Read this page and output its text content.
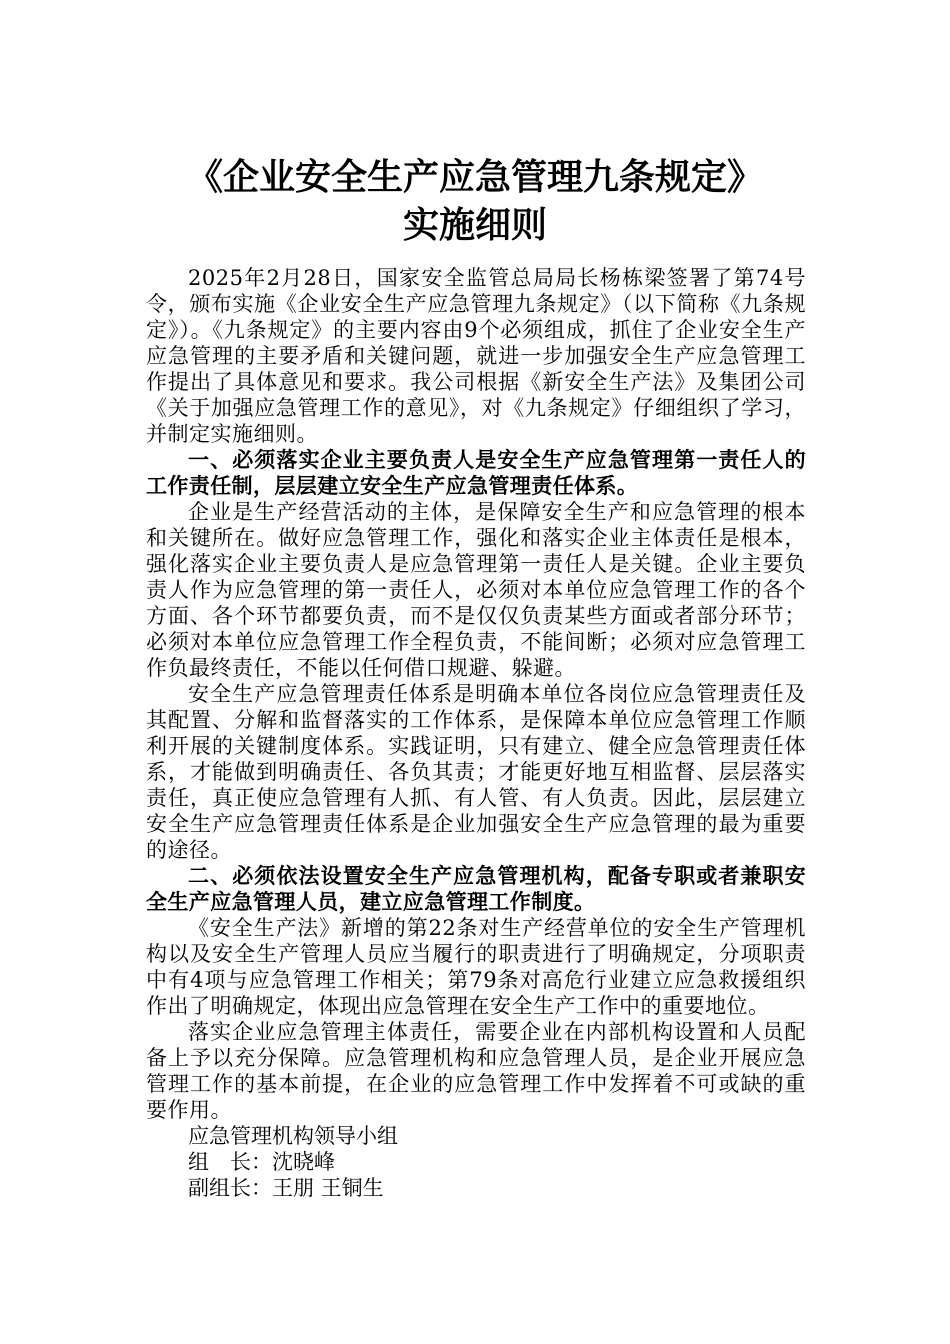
《企业安全生产应急管理九条规定》
实施细则

2025年2月28日，国家安全监管总局局长杨栋梁签署了第74号令，颁布实施《企业安全生产应急管理九条规定》（以下简称《九条规定》）。《九条规定》的主要内容由9个必须组成，抓住了企业安全生产应急管理的主要矛盾和关键问题，就进一步加强安全生产应急管理工作提出了具体意见和要求。我公司根据《新安全生产法》及集团公司《关于加强应急管理工作的意见》，对《九条规定》仔细组织了学习，并制定实施细则。

一、必须落实企业主要负责人是安全生产应急管理第一责任人的工作责任制，层层建立安全生产应急管理责任体系。

企业是生产经营活动的主体，是保障安全生产和应急管理的根本和关键所在。做好应急管理工作，强化和落实企业主体责任是根本，强化落实企业主要负责人是应急管理第一责任人是关键。企业主要负责人作为应急管理的第一责任人，必须对本单位应急管理工作的各个方面、各个环节都要负责，而不是仅仅负责某些方面或者部分环节；必须对本单位应急管理工作全程负责，不能间断；必须对应急管理工作负最终责任，不能以任何借口规避、躲避。

安全生产应急管理责任体系是明确本单位各岗位应急管理责任及其配置、分解和监督落实的工作体系，是保障本单位应急管理工作顺利开展的关键制度体系。实践证明，只有建立、健全应急管理责任体系，才能做到明确责任、各负其责；才能更好地互相监督、层层落实责任，真正使应急管理有人抓、有人管、有人负责。因此，层层建立安全生产应急管理责任体系是企业加强安全生产应急管理的最为重要的途径。

二、必须依法设置安全生产应急管理机构，配备专职或者兼职安全生产应急管理人员，建立应急管理工作制度。

《安全生产法》新增的第22条对生产经营单位的安全生产管理机构以及安全生产管理人员应当履行的职责进行了明确规定，分项职责中有4项与应急管理工作相关；第79条对高危行业建立应急救援组织作出了明确规定，体现出应急管理在安全生产工作中的重要地位。

落实企业应急管理主体责任，需要企业在内部机构设置和人员配备上予以充分保障。应急管理机构和应急管理人员，是企业开展应急管理工作的基本前提，在企业的应急管理工作中发挥着不可或缺的重要作用。

应急管理机构领导小组

组　长：沈晓峰

副组长：王朋 王铜生
